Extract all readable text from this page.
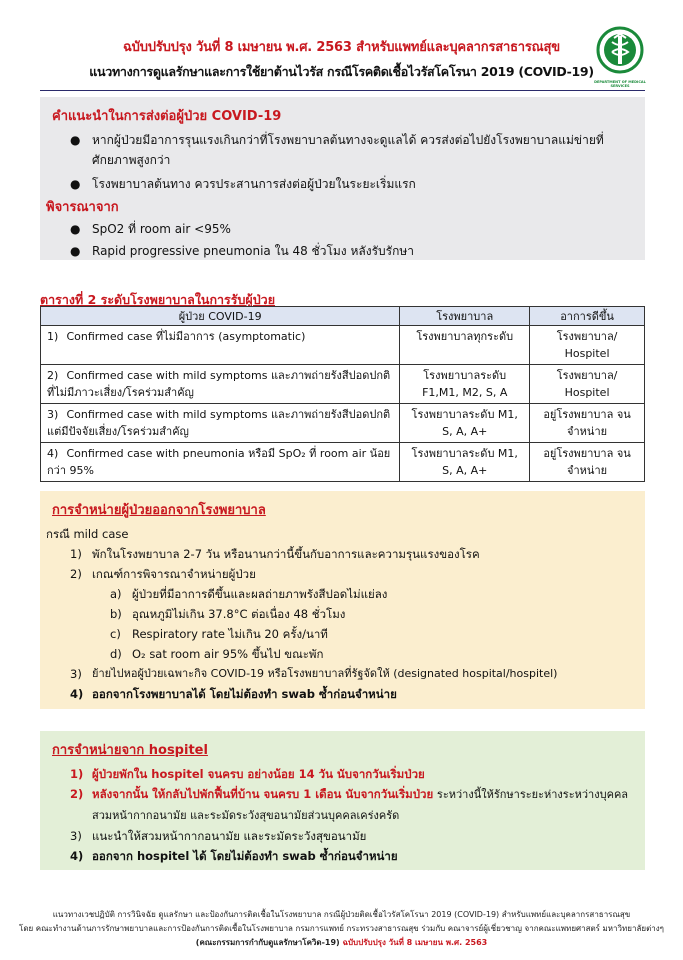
ฉบับปรับปรุง วันที่ 8 เมษายน พ.ศ. 2563 สำหรับแพทย์และบุคลากรสาธารณสุข
แนวทางการดูแลรักษาและการใช้ยาต้านไวรัส กรณีโรคติดเชื้อไวรัสโคโรนา 2019 (COVID-19)
DEPARTMENT OF MEDICAL SERVICES
คำแนะนำในการส่งต่อผู้ป่วย COVID-19
● หากผู้ป่วยมีอาการรุนแรงเกินกว่าที่โรงพยาบาลต้นทางจะดูแลได้ ควรส่งต่อไปยังโรงพยาบาลแม่ข่ายที่ศักยภาพสูงกว่า
● โรงพยาบาลต้นทาง ควรประสานการส่งต่อผู้ป่วยในระยะเริ่มแรก
พิจารณาจาก
● SpO2 ที่ room air <95%
● Rapid progressive pneumonia ใน 48 ชั่วโมง หลังรับรักษา
ตารางที่ 2 ระดับโรงพยาบาลในการรับผู้ป่วย
ผู้ป่วย COVID-19	โรงพยาบาล	อาการดีขึ้น
1) Confirmed case ที่ไม่มีอาการ (asymptomatic)	โรงพยาบาลทุกระดับ	โรงพยาบาล/ Hospitel
2) Confirmed case with mild symptoms และภาพถ่ายรังสีปอดปกติ ที่ไม่มีภาวะเสี่ยง/โรคร่วมสำคัญ	โรงพยาบาลระดับ F1,M1, M2, S, A	โรงพยาบาล/ Hospitel
3) Confirmed case with mild symptoms และภาพถ่ายรังสีปอดปกติ แต่มีปัจจัยเสี่ยง/โรคร่วมสำคัญ	โรงพยาบาลระดับ M1, S, A, A+	อยู่โรงพยาบาล จนจำหน่าย
4) Confirmed case with pneumonia หรือมี SpO₂ ที่ room air น้อยกว่า 95%	โรงพยาบาลระดับ M1, S, A, A+	อยู่โรงพยาบาล จนจำหน่าย
การจำหน่ายผู้ป่วยออกจากโรงพยาบาล
กรณี mild case
1) พักในโรงพยาบาล 2-7 วัน หรือนานกว่านี้ขึ้นกับอาการและความรุนแรงของโรค
2) เกณฑ์การพิจารณาจำหน่ายผู้ป่วย
a) ผู้ป่วยที่มีอาการดีขึ้นและผลถ่ายภาพรังสีปอดไม่แย่ลง
b) อุณหภูมิไม่เกิน 37.8°C ต่อเนื่อง 48 ชั่วโมง
c) Respiratory rate ไม่เกิน 20 ครั้ง/นาที
d) O₂ sat room air 95% ขึ้นไป ขณะพัก
3) ย้ายไปหอผู้ป่วยเฉพาะกิจ COVID-19 หรือโรงพยาบาลที่รัฐจัดให้ (designated hospital/hospitel)
4) ออกจากโรงพยาบาลได้ โดยไม่ต้องทำ swab ซ้ำก่อนจำหน่าย
การจำหน่ายจาก hospitel
1) ผู้ป่วยพักใน hospitel จนครบ อย่างน้อย 14 วัน นับจากวันเริ่มป่วย
2) หลังจากนั้น ให้กลับไปพักฟื้นที่บ้าน จนครบ 1 เดือน นับจากวันเริ่มป่วย ระหว่างนี้ให้รักษาระยะห่างระหว่างบุคคล สวมหน้ากากอนามัย และระมัดระวังสุขอนามัยส่วนบุคคลเคร่งครัด
3) แนะนำให้สวมหน้ากากอนามัย และระมัดระวังสุขอนามัย
4) ออกจาก hospitel ได้ โดยไม่ต้องทำ swab ซ้ำก่อนจำหน่าย
แนวทางเวชปฏิบัติ การวินิจฉัย ดูแลรักษา และป้องกันการติดเชื้อในโรงพยาบาล กรณีผู้ป่วยติดเชื้อไวรัสโคโรนา 2019 (COVID-19) สำหรับแพทย์และบุคลากรสาธารณสุข
โดย คณะทำงานด้านการรักษาพยาบาลและการป้องกันการติดเชื้อในโรงพยาบาล กรมการแพทย์ กระทรวงสาธารณสุข ร่วมกับ คณาจารย์ผู้เชี่ยวชาญ จากคณะแพทยศาสตร์ มหาวิทยาลัยต่างๆ
(คณะกรรมการกำกับดูแลรักษาโควิด-19) ฉบับปรับปรุง วันที่ 8 เมษายน พ.ศ. 2563
